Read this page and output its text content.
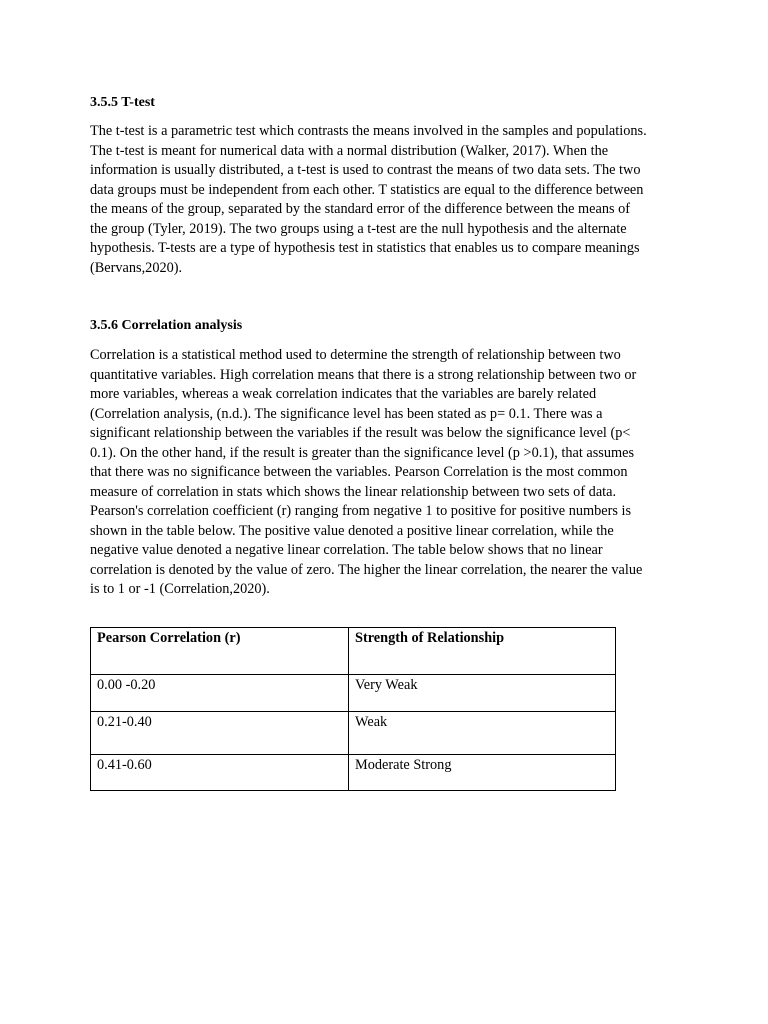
3.5.5 T-test

The t-test is a parametric test which contrasts the means involved in the samples and populations.
The t-test is meant for numerical data with a normal distribution (Walker, 2017). When the
information is usually distributed, a t-test is used to contrast the means of two data sets. The two
data groups must be independent from each other. T statistics are equal to the difference between
the means of the group, separated by the standard error of the difference between the means of
the group (Tyler, 2019). The two groups using a t-test are the null hypothesis and the alternate
hypothesis. T-tests are a type of hypothesis test in statistics that enables us to compare meanings
(Bervans,2020).

3.5.6 Correlation analysis

Correlation is a statistical method used to determine the strength of relationship between two
quantitative variables. High correlation means that there is a strong relationship between two or
more variables, whereas a weak correlation indicates that the variables are barely related
(Correlation analysis, (n.d.). The significance level has been stated as p= 0.1. There was a
significant relationship between the variables if the result was below the significance level (p<
0.1). On the other hand, if the result is greater than the significance level (p >0.1), that assumes
that there was no significance between the variables. Pearson Correlation is the most common
measure of correlation in stats which shows the linear relationship between two sets of data.
Pearson's correlation coefficient (r) ranging from negative 1 to positive for positive numbers is
shown in the table below. The positive value denoted a positive linear correlation, while the
negative value denoted a negative linear correlation. The table below shows that no linear
correlation is denoted by the value of zero. The higher the linear correlation, the nearer the value
is to 1 or -1 (Correlation,2020).

Pearson Correlation (r)	Strength of Relationship

0.00 -0.20	Very Weak

0.21-0.40	Weak

0.41-0.60	Moderate Strong
